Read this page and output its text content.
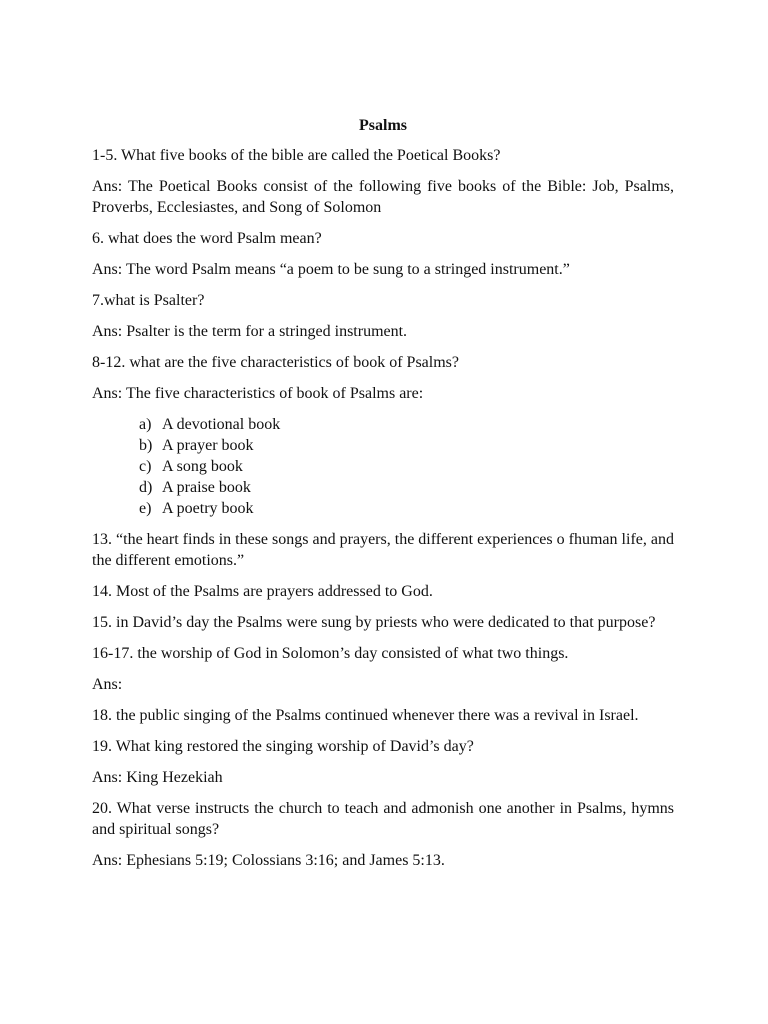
Psalms

1-5. What five books of the bible are called the Poetical Books?

Ans: The Poetical Books consist of the following five books of the Bible: Job, Psalms, Proverbs, Ecclesiastes, and Song of Solomon

6. what does the word Psalm mean?

Ans: The word Psalm means “a poem to be sung to a stringed instrument.”

7.what is Psalter?

Ans: Psalter is the term for a stringed instrument.

8-12. what are the five characteristics of book of Psalms?

Ans: The five characteristics of book of Psalms are:

a) A devotional book
b) A prayer book
c) A song book
d) A praise book
e) A poetry book

13. “the heart finds in these songs and prayers, the different experiences o fhuman life, and the different emotions.”

14. Most of the Psalms are prayers addressed to God.

15. in David’s day the Psalms were sung by priests who were dedicated to that purpose?

16-17. the worship of God in Solomon’s day consisted of what two things.

Ans:

18. the public singing of the Psalms continued whenever there was a revival in Israel.

19. What king restored the singing worship of David’s day?

Ans: King Hezekiah

20. What verse instructs the church to teach and admonish one another in Psalms, hymns and spiritual songs?

Ans: Ephesians 5:19; Colossians 3:16; and James 5:13.
